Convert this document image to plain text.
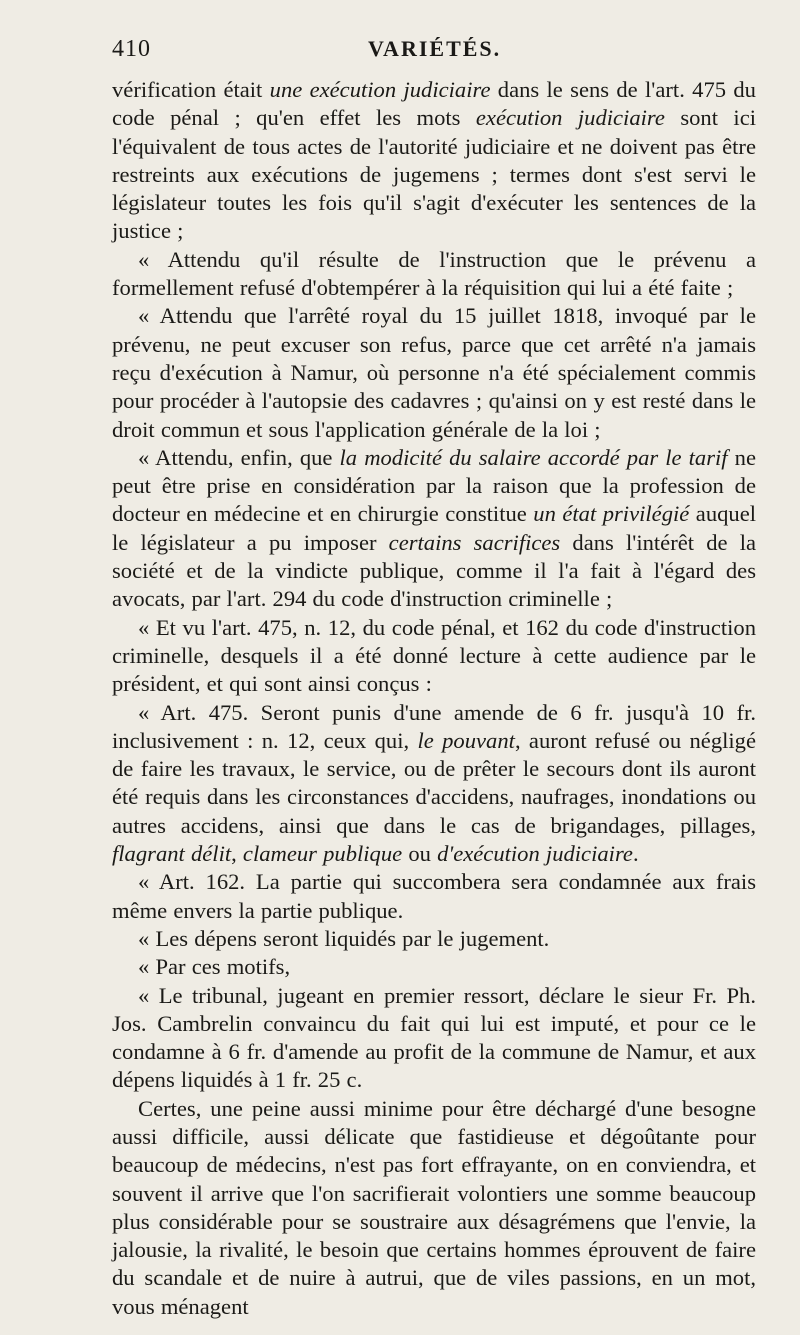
410	VARIÉTÉS.

vérification était une exécution judiciaire dans le sens de l'art. 475 du code pénal ; qu'en effet les mots exécution judiciaire sont ici l'équivalent de tous actes de l'autorité judiciaire et ne doivent pas être restreints aux exécutions de jugemens ; termes dont s'est servi le législateur toutes les fois qu'il s'agit d'exécuter les sentences de la justice ;

« Attendu qu'il résulte de l'instruction que le prévenu a formellement refusé d'obtempérer à la réquisition qui lui a été faite ;

« Attendu que l'arrêté royal du 15 juillet 1818, invoqué par le prévenu, ne peut excuser son refus, parce que cet arrêté n'a jamais reçu d'exécution à Namur, où personne n'a été spécialement commis pour procéder à l'autopsie des cadavres ; qu'ainsi on y est resté dans le droit commun et sous l'application générale de la loi ;

« Attendu, enfin, que la modicité du salaire accordé par le tarif ne peut être prise en considération par la raison que la profession de docteur en médecine et en chirurgie constitue un état privilégié auquel le législateur a pu imposer certains sacrifices dans l'intérêt de la société et de la vindicte publique, comme il l'a fait à l'égard des avocats, par l'art. 294 du code d'instruction criminelle ;

« Et vu l'art. 475, n. 12, du code pénal, et 162 du code d'instruction criminelle, desquels il a été donné lecture à cette audience par le président, et qui sont ainsi conçus :

« Art. 475. Seront punis d'une amende de 6 fr. jusqu'à 10 fr. inclusivement : n. 12, ceux qui, le pouvant, auront refusé ou négligé de faire les travaux, le service, ou de prêter le secours dont ils auront été requis dans les circonstances d'accidens, naufrages, inondations ou autres accidens, ainsi que dans le cas de brigandages, pillages, flagrant délit, clameur publique ou d'exécution judiciaire.

« Art. 162. La partie qui succombera sera condamnée aux frais même envers la partie publique.

« Les dépens seront liquidés par le jugement.

« Par ces motifs,

« Le tribunal, jugeant en premier ressort, déclare le sieur Fr. Ph. Jos. Cambrelin convaincu du fait qui lui est imputé, et pour ce le condamne à 6 fr. d'amende au profit de la commune de Namur, et aux dépens liquidés à 1 fr. 25 c.

Certes, une peine aussi minime pour être déchargé d'une besogne aussi difficile, aussi délicate que fastidieuse et dégoûtante pour beaucoup de médecins, n'est pas fort effrayante, on en conviendra, et souvent il arrive que l'on sacrifierait volontiers une somme beaucoup plus considérable pour se soustraire aux désagrémens que l'envie, la jalousie, la rivalité, le besoin que certains hommes éprouvent de faire du scandale et de nuire à autrui, que de viles passions, en un mot, vous ménagent
